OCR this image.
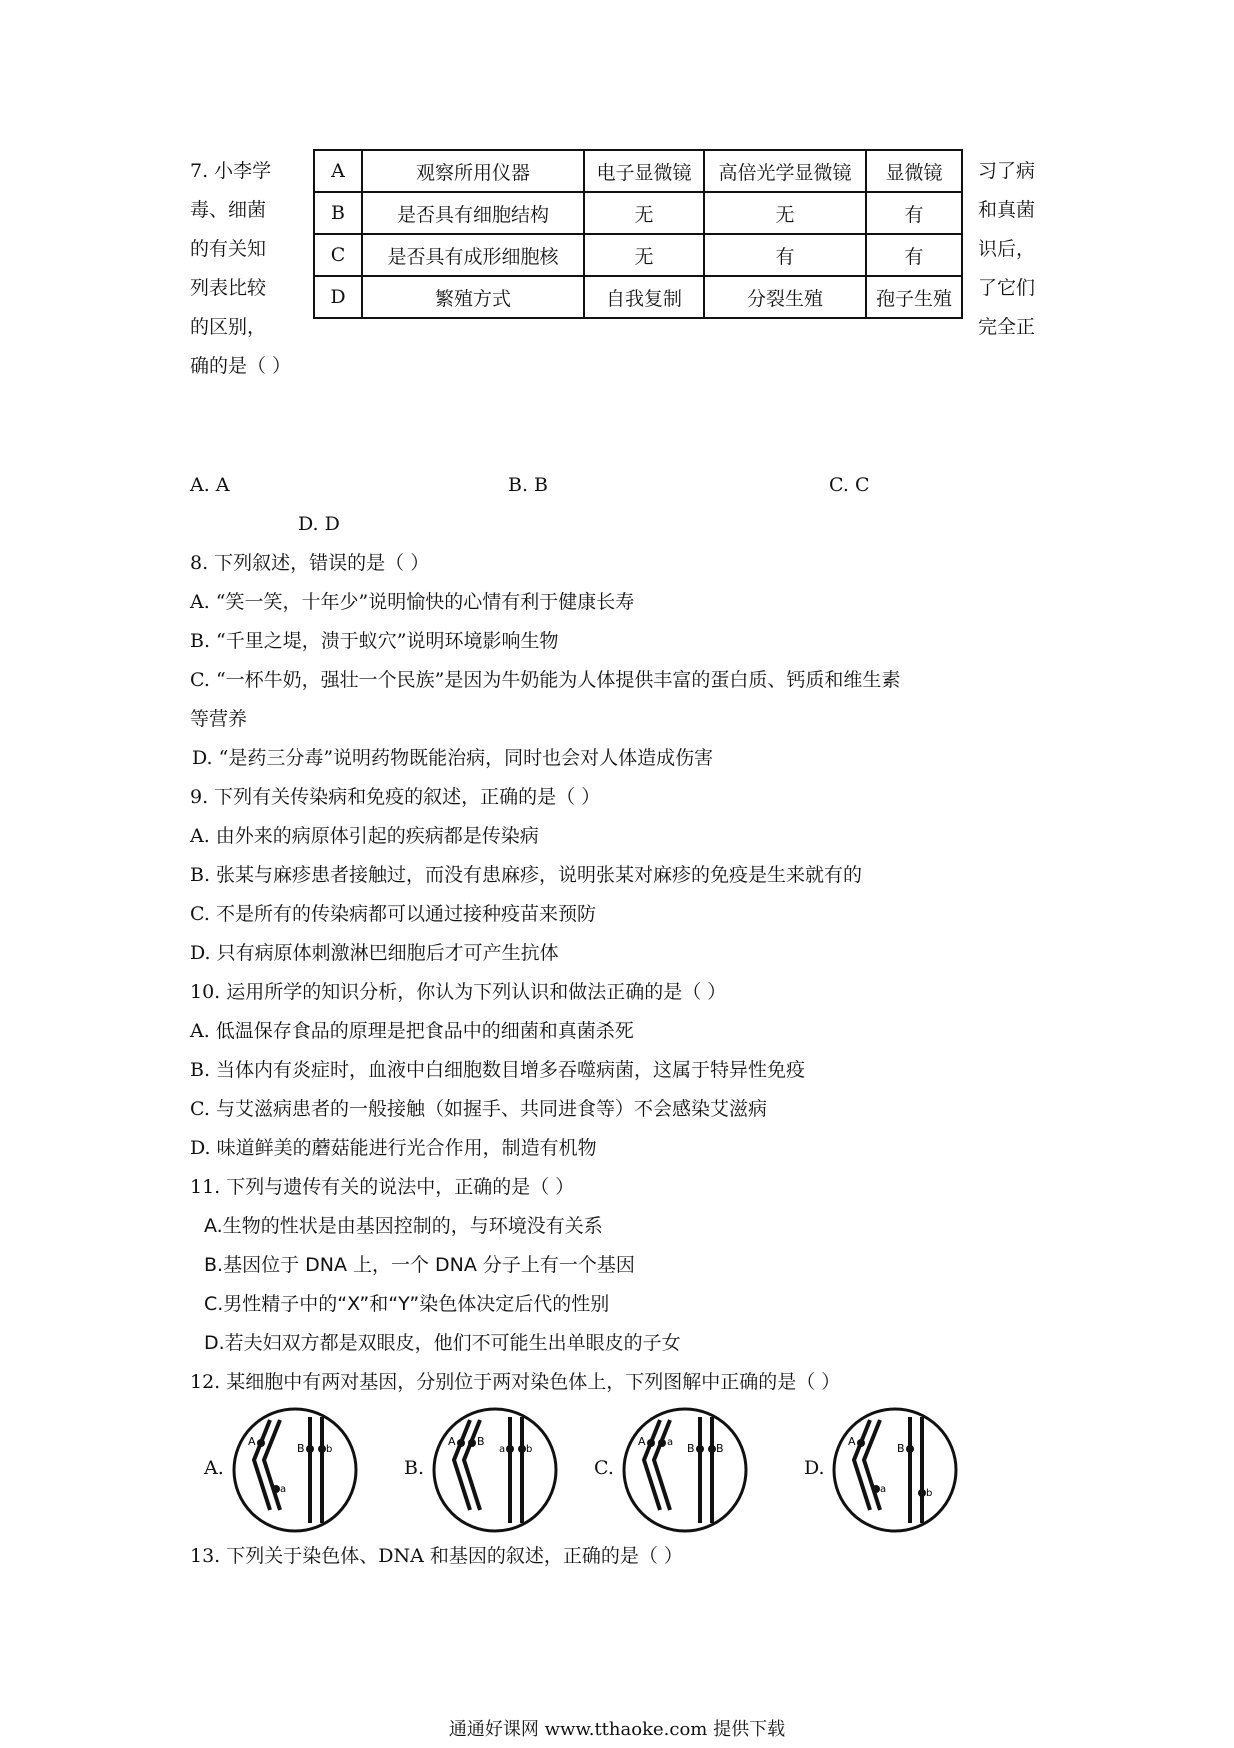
7. 小李学
毒、细菌
的有关知
列表比较
的区别，
习了病
和真菌
识后，
了它们
完全正
确的是（ ）
A	观察所用仪器	电子显微镜	高倍光学显微镜	显微镜
B	是否具有细胞结构	无	无	有
C	是否具有成形细胞核	无	有	有
D	繁殖方式	自我复制	分裂生殖	孢子生殖
A. A	B. B	C. C
D. D
8. 下列叙述，错误的是（ ）
A. “笑一笑，十年少”说明愉快的心情有利于健康长寿
B. “千里之堤，溃于蚁穴”说明环境影响生物
C. “一杯牛奶，强壮一个民族”是因为牛奶能为人体提供丰富的蛋白质、钙质和维生素
等营养
D. “是药三分毒”说明药物既能治病，同时也会对人体造成伤害
9. 下列有关传染病和免疫的叙述，正确的是（ ）
A. 由外来的病原体引起的疾病都是传染病
B. 张某与麻疹患者接触过，而没有患麻疹，说明张某对麻疹的免疫是生来就有的
C. 不是所有的传染病都可以通过接种疫苗来预防
D. 只有病原体刺激淋巴细胞后才可产生抗体
10. 运用所学的知识分析，你认为下列认识和做法正确的是（ ）
A. 低温保存食品的原理是把食品中的细菌和真菌杀死
B. 当体内有炎症时，血液中白细胞数目增多吞噬病菌，这属于特异性免疫
C. 与艾滋病患者的一般接触（如握手、共同进食等）不会感染艾滋病
D. 味道鲜美的蘑菇能进行光合作用，制造有机物
11. 下列与遗传有关的说法中，正确的是（ ）
A.生物的性状是由基因控制的，与环境没有关系
B.基因位于 DNA 上，一个 DNA 分子上有一个基因
C.男性精子中的“X”和“Y”染色体决定后代的性别
D.若夫妇双方都是双眼皮，他们不可能生出单眼皮的子女
12. 某细胞中有两对基因，分别位于两对染色体上，下列图解中正确的是（ ）
A.
A
a
B b
B.
A B
a b
C.
A a B B
D.
A
a
B
b
13. 下列关于染色体、DNA 和基因的叙述，正确的是（ ）
通通好课网 www.tthaoke.com 提供下载
